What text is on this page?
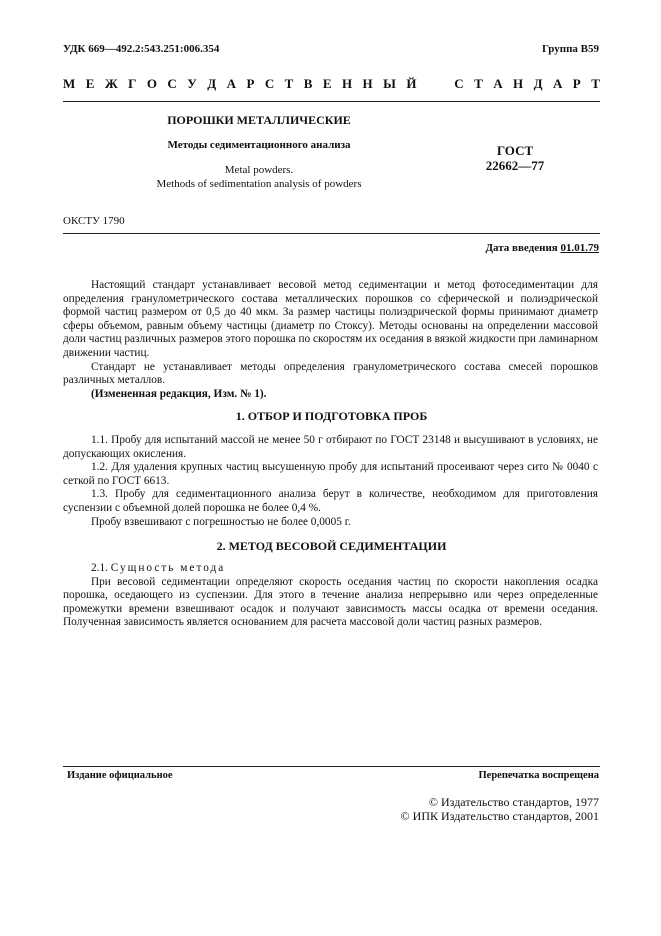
УДК 669—492.2:543.251:006.354	Группа В59
М Е Ж Г О С У Д А Р С Т В Е Н Н Ы Й

	С Т А Н Д А Р Т
ПОРОШКИ МЕТАЛЛИЧЕСКИЕ
Методы седиментационного анализа
Metal powders.
Methods of sedimentation analysis of powders
ГОСТ
22662—77
ОКСТУ 1790
Дата введения 01.01.79

Настоящий стандарт устанавливает весовой метод седиментации и метод фотоседиментации для определения гранулометрического состава металлических порошков со сферической и полиэдрической формой частиц размером от 0,5 до 40 мкм. За размер частицы полиэдрической формы принимают диаметр сферы объемом, равным объему частицы (диаметр по Стоксу). Методы основаны на определении массовой доли частиц различных размеров этого порошка по скоростям их оседания в вязкой жидкости при ламинарном движении частиц.

Стандарт не устанавливает методы определения гранулометрического состава смесей порошков различных металлов.

(Измененная редакция, Изм. № 1).

1. ОТБОР И ПОДГОТОВКА ПРОБ

1.1. Пробу для испытаний массой не менее 50 г отбирают по ГОСТ 23148 и высушивают в условиях, не допускающих окисления.

1.2. Для удаления крупных частиц высушенную пробу для испытаний просеивают через сито № 0040 с сеткой по ГОСТ 6613.

1.3. Пробу для седиментационного анализа берут в количестве, необходимом для приготовления суспензии с объемной долей порошка не более 0,4 %.

Пробу взвешивают с погрешностью не более 0,0005 г.

2. МЕТОД ВЕСОВОЙ СЕДИМЕНТАЦИИ

2.1. Сущность метода

При весовой седиментации определяют скорость оседания частиц по скорости накопления осадка порошка, оседающего из суспензии. Для этого в течение анализа непрерывно или через определенные промежутки времени взвешивают осадок и получают зависимость массы осадка от времени оседания. Полученная зависимость является основанием для расчета массовой доли частиц разных размеров.

Издание официальное	Перепечатка воспрещена
© Издательство стандартов, 1977
© ИПК Издательство стандартов, 2001
